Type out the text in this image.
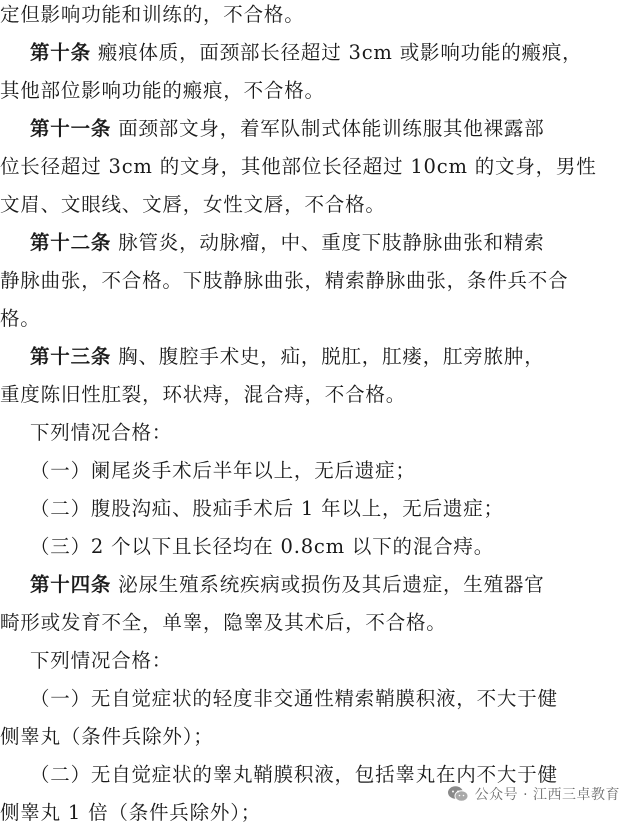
定但影响功能和训练的，不合格。
第十条 瘢痕体质，面颈部长径超过 3cm 或影响功能的瘢痕，
其他部位影响功能的瘢痕，不合格。
第十一条 面颈部文身，着军队制式体能训练服其他裸露部
位长径超过 3cm 的文身，其他部位长径超过 10cm 的文身，男性
文眉、文眼线、文唇，女性文唇，不合格。
第十二条 脉管炎，动脉瘤，中、重度下肢静脉曲张和精索
静脉曲张，不合格。下肢静脉曲张，精索静脉曲张，条件兵不合
格。
第十三条 胸、腹腔手术史，疝，脱肛，肛瘘，肛旁脓肿，
重度陈旧性肛裂，环状痔，混合痔，不合格。
下列情况合格：
（一）阑尾炎手术后半年以上，无后遗症；
（二）腹股沟疝、股疝手术后 1 年以上，无后遗症；
（三）2 个以下且长径均在 0.8cm 以下的混合痔。
第十四条 泌尿生殖系统疾病或损伤及其后遗症，生殖器官
畸形或发育不全，单睾，隐睾及其术后，不合格。
下列情况合格：
（一）无自觉症状的轻度非交通性精索鞘膜积液，不大于健
侧睾丸（条件兵除外）；
（二）无自觉症状的睾丸鞘膜积液，包括睾丸在内不大于健
侧睾丸 1 倍（条件兵除外）；
公众号 · 江西三卓教育
